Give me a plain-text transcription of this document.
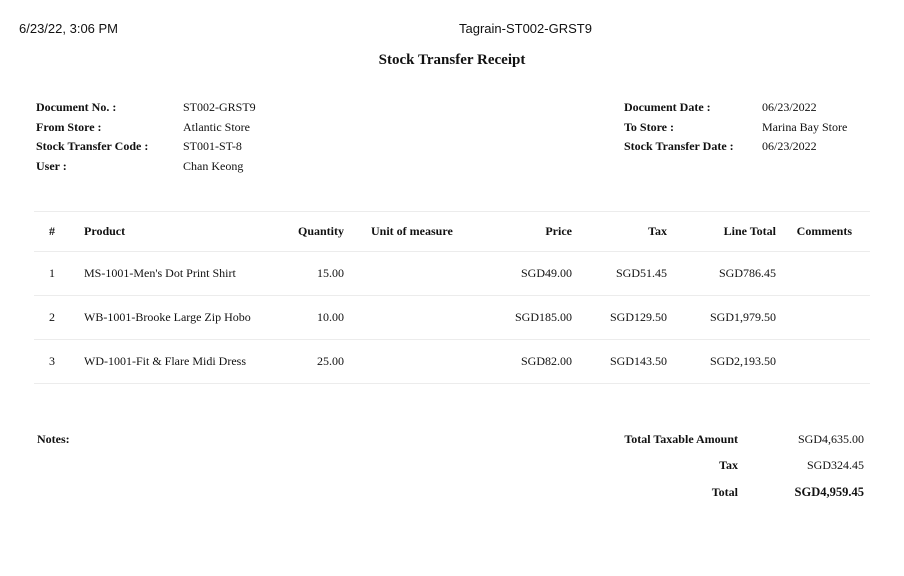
6/23/22, 3:06 PM	Tagrain-ST002-GRST9
Stock Transfer Receipt
Document No. :	ST002-GRST9
From Store :	Atlantic Store
Stock Transfer Code :	ST001-ST-8
User :	Chan Keong
Document Date :	06/23/2022
To Store :	Marina Bay Store
Stock Transfer Date :	06/23/2022
#	Product	Quantity	Unit of measure	Price	Tax	Line Total	Comments
1	MS-1001-Men's Dot Print Shirt	15.00		SGD49.00	SGD51.45	SGD786.45	
2	WB-1001-Brooke Large Zip Hobo	10.00		SGD185.00	SGD129.50	SGD1,979.50	
3	WD-1001-Fit & Flare Midi Dress	25.00		SGD82.00	SGD143.50	SGD2,193.50	
Notes:	Total Taxable Amount	SGD4,635.00
Tax	SGD324.45
Total	SGD4,959.45
